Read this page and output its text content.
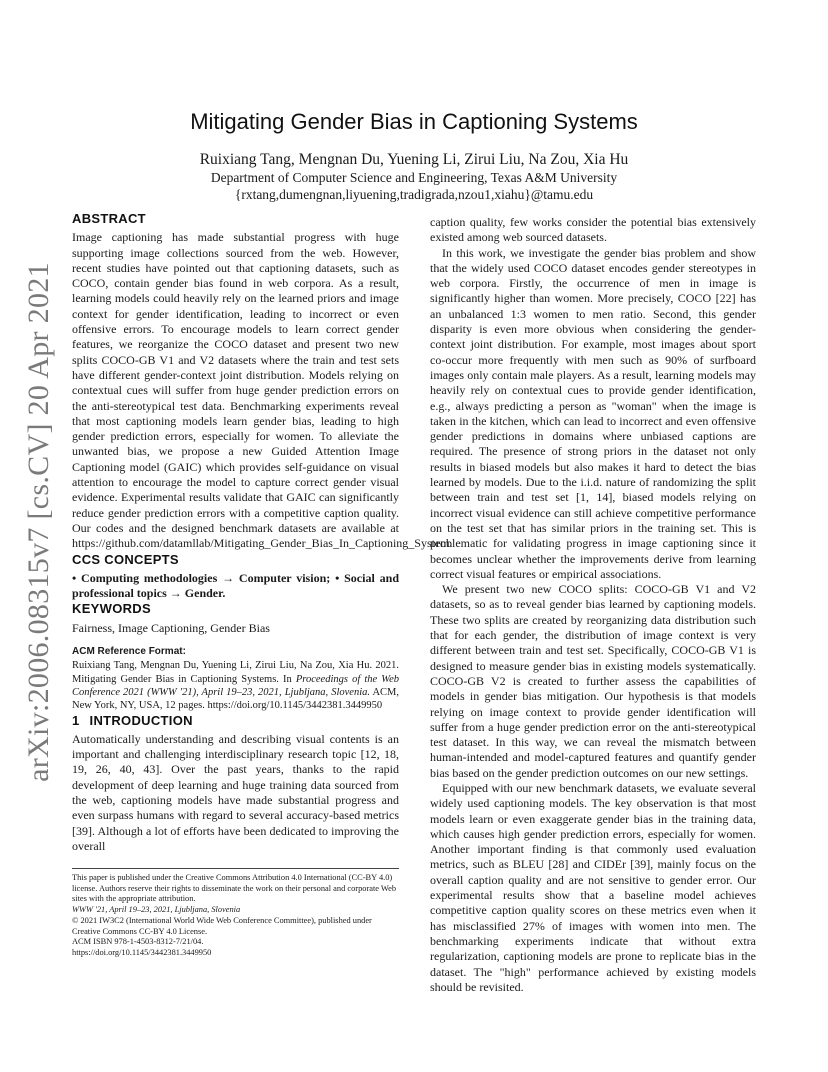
arXiv:2006.08315v7 [cs.CV] 20 Apr 2021
Mitigating Gender Bias in Captioning Systems
Ruixiang Tang, Mengnan Du, Yuening Li, Zirui Liu, Na Zou, Xia Hu
Department of Computer Science and Engineering, Texas A&M University
{rxtang,dumengnan,liyuening,tradigrada,nzou1,xiahu}@tamu.edu
ABSTRACT

Image captioning has made substantial progress with huge supporting image collections sourced from the web. However, recent studies have pointed out that captioning datasets, such as COCO, contain gender bias found in web corpora. As a result, learning models could heavily rely on the learned priors and image context for gender identification, leading to incorrect or even offensive errors. To encourage models to learn correct gender features, we reorganize the COCO dataset and present two new splits COCO-GB V1 and V2 datasets where the train and test sets have different gender-context joint distribution. Models relying on contextual cues will suffer from huge gender prediction errors on the anti-stereotypical test data. Benchmarking experiments reveal that most captioning models learn gender bias, leading to high gender prediction errors, especially for women. To alleviate the unwanted bias, we propose a new Guided Attention Image Captioning model (GAIC) which provides self-guidance on visual attention to encourage the model to capture correct gender visual evidence. Experimental results validate that GAIC can significantly reduce gender prediction errors with a competitive caption quality. Our codes and the designed benchmark datasets are available at https://github.com/datamllab/Mitigating_Gender_Bias_In_Captioning_System.

CCS CONCEPTS

• Computing methodologies → Computer vision; • Social and professional topics → Gender.

KEYWORDS

Fairness, Image Captioning, Gender Bias

ACM Reference Format:

Ruixiang Tang, Mengnan Du, Yuening Li, Zirui Liu, Na Zou, Xia Hu. 2021. Mitigating Gender Bias in Captioning Systems. In Proceedings of the Web Conference 2021 (WWW '21), April 19–23, 2021, Ljubljana, Slovenia. ACM, New York, NY, USA, 12 pages. https://doi.org/10.1145/3442381.3449950

1 INTRODUCTION

Automatically understanding and describing visual contents is an important and challenging interdisciplinary research topic [12, 18, 19, 26, 40, 43]. Over the past years, thanks to the rapid development of deep learning and huge training data sourced from the web, captioning models have made substantial progress and even surpass humans with regard to several accuracy-based metrics [39]. Although a lot of efforts have been dedicated to improving the overall

caption quality, few works consider the potential bias extensively existed among web sourced datasets.

In this work, we investigate the gender bias problem and show that the widely used COCO dataset encodes gender stereotypes in web corpora. Firstly, the occurrence of men in image is significantly higher than women. More precisely, COCO [22] has an unbalanced 1:3 women to men ratio. Second, this gender disparity is even more obvious when considering the gender-context joint distribution. For example, most images about sport co-occur more frequently with men such as 90% of surfboard images only contain male players. As a result, learning models may heavily rely on contextual cues to provide gender identification, e.g., always predicting a person as "woman" when the image is taken in the kitchen, which can lead to incorrect and even offensive gender predictions in domains where unbiased captions are required. The presence of strong priors in the dataset not only results in biased models but also makes it hard to detect the bias learned by models. Due to the i.i.d. nature of randomizing the split between train and test set [1, 14], biased models relying on incorrect visual evidence can still achieve competitive performance on the test set that has similar priors in the training set. This is problematic for validating progress in image captioning since it becomes unclear whether the improvements derive from learning correct visual features or empirical associations.

We present two new COCO splits: COCO-GB V1 and V2 datasets, so as to reveal gender bias learned by captioning models. These two splits are created by reorganizing data distribution such that for each gender, the distribution of image context is very different between train and test set. Specifically, COCO-GB V1 is designed to measure gender bias in existing models systematically. COCO-GB V2 is created to further assess the capabilities of models in gender bias mitigation. Our hypothesis is that models relying on image context to provide gender identification will suffer from a huge gender prediction error on the anti-stereotypical test dataset. In this way, we can reveal the mismatch between human-intended and model-captured features and quantify gender bias based on the gender prediction outcomes on our new settings.

Equipped with our new benchmark datasets, we evaluate several widely used captioning models. The key observation is that most models learn or even exaggerate gender bias in the training data, which causes high gender prediction errors, especially for women. Another important finding is that commonly used evaluation metrics, such as BLEU [28] and CIDEr [39], mainly focus on the overall caption quality and are not sensitive to gender error. Our experimental results show that a baseline model achieves competitive caption quality scores on these metrics even when it has misclassified 27% of images with women into men. The benchmarking experiments indicate that without extra regularization, captioning models are prone to replicate bias in the dataset. The "high" performance achieved by existing models should be revisited.

This paper is published under the Creative Commons Attribution 4.0 International (CC-BY 4.0) license. Authors reserve their rights to disseminate the work on their personal and corporate Web sites with the appropriate attribution.

WWW '21, April 19–23, 2021, Ljubljana, Slovenia

© 2021 IW3C2 (International World Wide Web Conference Committee), published under Creative Commons CC-BY 4.0 License.

ACM ISBN 978-1-4503-8312-7/21/04.

https://doi.org/10.1145/3442381.3449950
